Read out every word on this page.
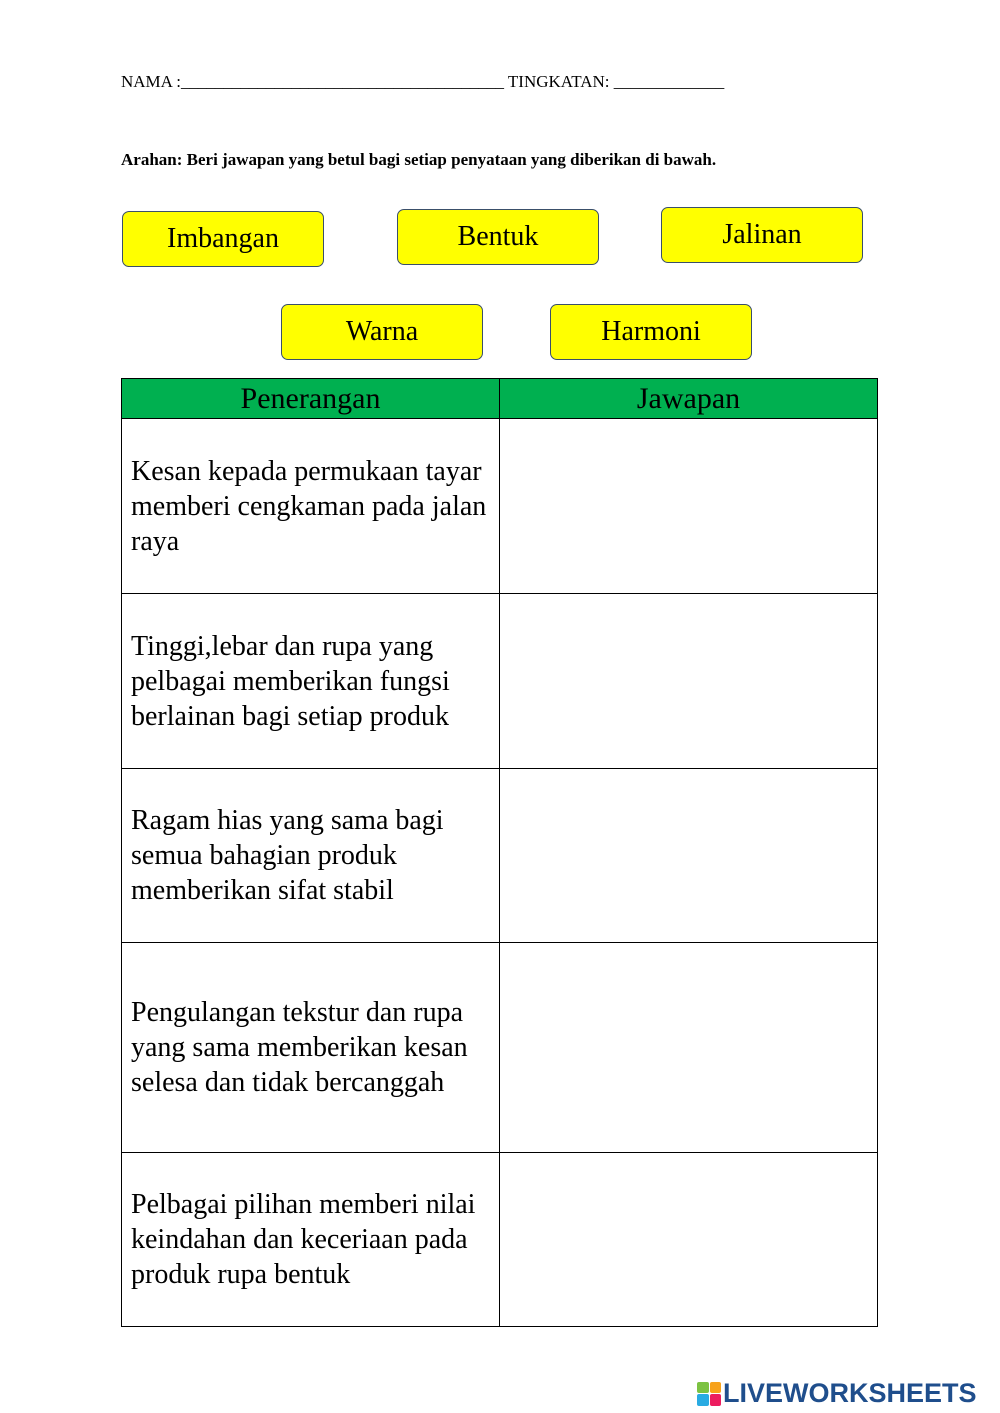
NAMA :______________________________________ TINGKATAN: _____________
Arahan: Beri jawapan yang betul bagi setiap penyataan yang diberikan di bawah.
Imbangan	Bentuk	Jalinan
Warna	Harmoni
Penerangan	Jawapan
Kesan kepada permukaan tayar memberi cengkaman pada jalan raya	
Tinggi,lebar dan rupa yang pelbagai memberikan fungsi berlainan bagi setiap produk	
Ragam hias yang sama bagi semua bahagian produk memberikan sifat stabil	
Pengulangan tekstur dan rupa yang sama memberikan kesan selesa dan tidak bercanggah	
Pelbagai pilihan memberi nilai keindahan dan keceriaan pada produk rupa bentuk	
LIVEWORKSHEETS
